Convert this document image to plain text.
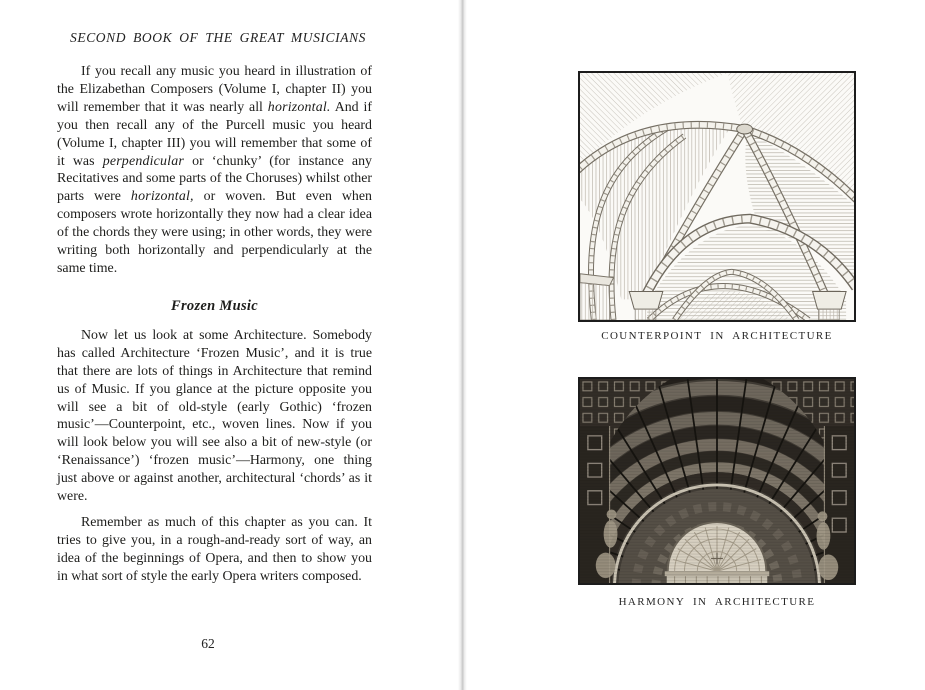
SECOND BOOK OF THE GREAT MUSICIANS

If you recall any music you heard in illustration of the Elizabethan Composers (Volume I, chapter II) you will remember that it was nearly all horizontal. And if you then recall any of the Purcell music you heard (Volume I, chapter III) you will remember that some of it was perpendicular or ‘chunky’ (for instance any Recitatives and some parts of the Choruses) whilst other parts were horizontal, or woven. But even when composers wrote horizontally they now had a clear idea of the chords they were using; in other words, they were writing both horizontally and perpendicularly at the same time.

Frozen Music

Now let us look at some Architecture. Somebody has called Architecture ‘Frozen Music’, and it is true that there are lots of things in Architecture that remind us of Music. If you glance at the picture opposite you will see a bit of old-style (early Gothic) ‘frozen music’—Counterpoint, etc., woven lines. Now if you will look below you will see also a bit of new-style (or ‘Renaissance’) ‘frozen music’—Harmony, one thing just above or against another, architectural ‘chords’ as it were.

Remember as much of this chapter as you can. It tries to give you, in a rough-and-ready sort of way, an idea of the beginnings of Opera, and then to show you in what sort of style the early Opera writers composed.

62
COUNTERPOINT IN ARCHITECTURE
HARMONY IN ARCHITECTURE
